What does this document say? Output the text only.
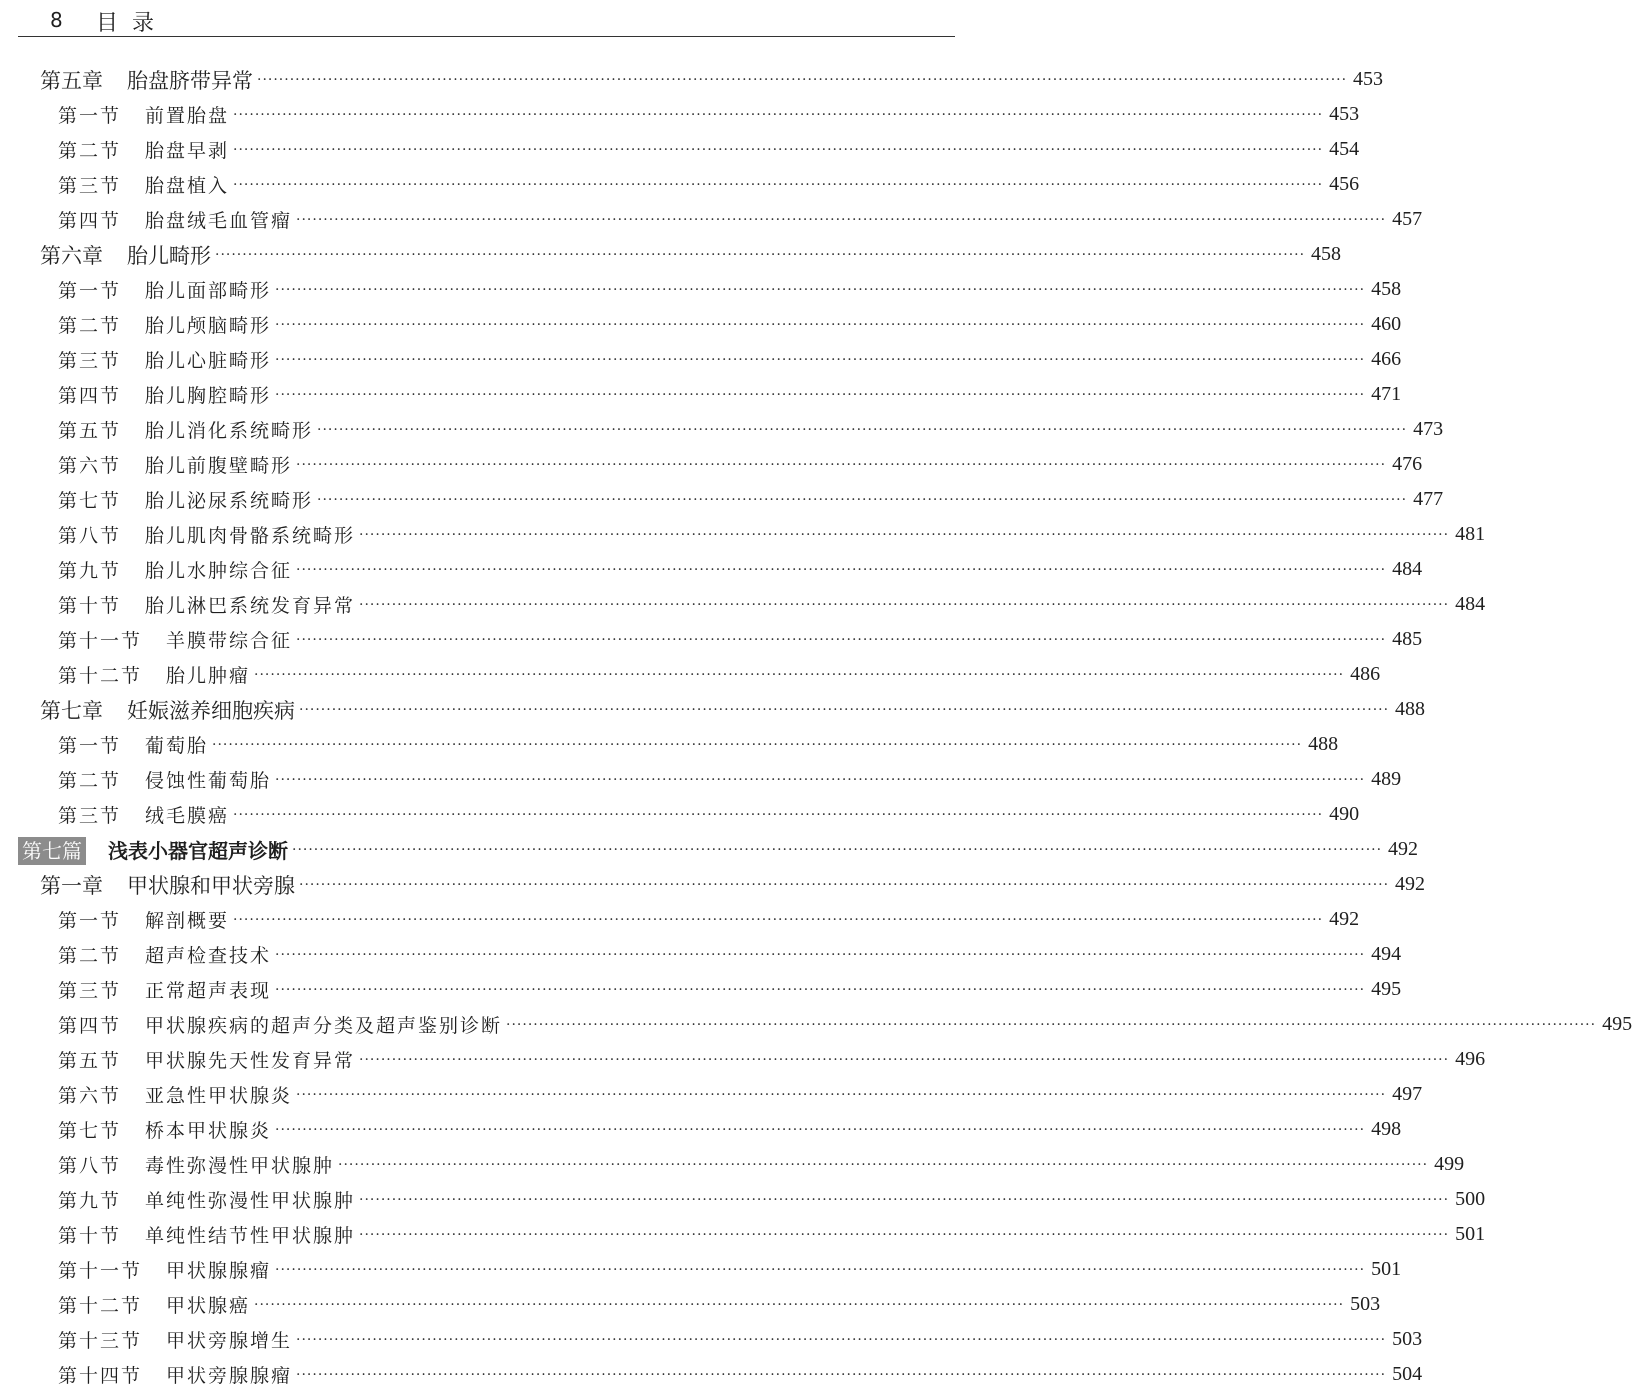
8 目录
第五章 胎盘脐带异常 ········································································································································································································ 453
第一节 前置胎盘 ········································································································································································································ 453
第二节 胎盘早剥 ········································································································································································································ 454
第三节 胎盘植入 ········································································································································································································ 456
第四节 胎盘绒毛血管瘤 ········································································································································································································ 457
第六章 胎儿畸形 ········································································································································································································ 458
第一节 胎儿面部畸形 ········································································································································································································ 458
第二节 胎儿颅脑畸形 ········································································································································································································ 460
第三节 胎儿心脏畸形 ········································································································································································································ 466
第四节 胎儿胸腔畸形 ········································································································································································································ 471
第五节 胎儿消化系统畸形 ········································································································································································································ 473
第六节 胎儿前腹壁畸形 ········································································································································································································ 476
第七节 胎儿泌尿系统畸形 ········································································································································································································ 477
第八节 胎儿肌肉骨骼系统畸形 ········································································································································································································ 481
第九节 胎儿水肿综合征 ········································································································································································································ 484
第十节 胎儿淋巴系统发育异常 ········································································································································································································ 484
第十一节 羊膜带综合征 ········································································································································································································ 485
第十二节 胎儿肿瘤 ········································································································································································································ 486
第七章 妊娠滋养细胞疾病 ········································································································································································································ 488
第一节 葡萄胎 ········································································································································································································ 488
第二节 侵蚀性葡萄胎 ········································································································································································································ 489
第三节 绒毛膜癌 ········································································································································································································ 490
第七篇 浅表小器官超声诊断 ········································································································································································································ 492
第一章 甲状腺和甲状旁腺 ········································································································································································································ 492
第一节 解剖概要 ········································································································································································································ 492
第二节 超声检查技术 ········································································································································································································ 494
第三节 正常超声表现 ········································································································································································································ 495
第四节 甲状腺疾病的超声分类及超声鉴别诊断 ········································································································································································································ 495
第五节 甲状腺先天性发育异常 ········································································································································································································ 496
第六节 亚急性甲状腺炎 ········································································································································································································ 497
第七节 桥本甲状腺炎 ········································································································································································································ 498
第八节 毒性弥漫性甲状腺肿 ········································································································································································································ 499
第九节 单纯性弥漫性甲状腺肿 ········································································································································································································ 500
第十节 单纯性结节性甲状腺肿 ········································································································································································································ 501
第十一节 甲状腺腺瘤 ········································································································································································································ 501
第十二节 甲状腺癌 ········································································································································································································ 503
第十三节 甲状旁腺增生 ········································································································································································································ 503
第十四节 甲状旁腺腺瘤 ········································································································································································································ 504
